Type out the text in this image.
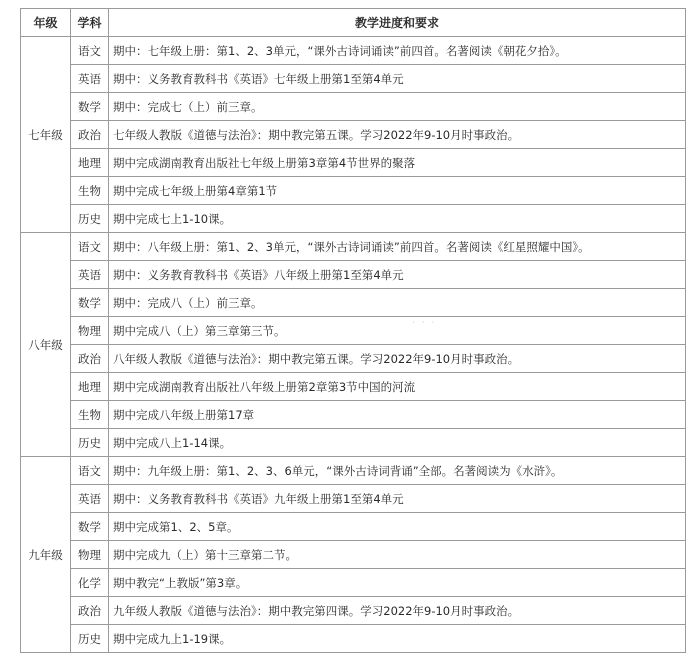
年级	学科	教学进度和要求
七年级	语文	期中：七年级上册：第1、2、3单元，“课外古诗词诵读”前四首。名著阅读《朝花夕拾》。
	英语	期中：义务教育教科书《英语》七年级上册第1至第4单元
	数学	期中：完成七（上）前三章。
	政治	七年级人教版《道德与法治》：期中教完第五课。学习2022年9-10月时事政治。
	地理	期中完成湖南教育出版社七年级上册第3章第4节世界的聚落
	生物	期中完成七年级上册第4章第1节
	历史	期中完成七上1-10课。
八年级	语文	期中：八年级上册：第1、2、3单元，“课外古诗词诵读”前四首。名著阅读《红星照耀中国》。
	英语	期中：义务教育教科书《英语》八年级上册第1至第4单元
	数学	期中：完成八（上）前三章。
	物理	期中完成八（上）第三章第三节。
	政治	八年级人教版《道德与法治》：期中教完第五课。学习2022年9-10月时事政治。
	地理	期中完成湖南教育出版社八年级上册第2章第3节中国的河流
	生物	期中完成八年级上册第17章
	历史	期中完成八上1-14课。
九年级	语文	期中：九年级上册：第1、2、3、6单元，“课外古诗词背诵”全部。名著阅读为《水浒》。
	英语	期中：义务教育教科书《英语》九年级上册第1至第4单元
	数学	期中完成第1、2、5章。
	物理	期中完成九（上）第十三章第二节。
	化学	期中教完“上教版”第3章。
	政治	九年级人教版《道德与法治》：期中教完第四课。学习2022年9-10月时事政治。
	历史	期中完成九上1-19课。
· · ·
